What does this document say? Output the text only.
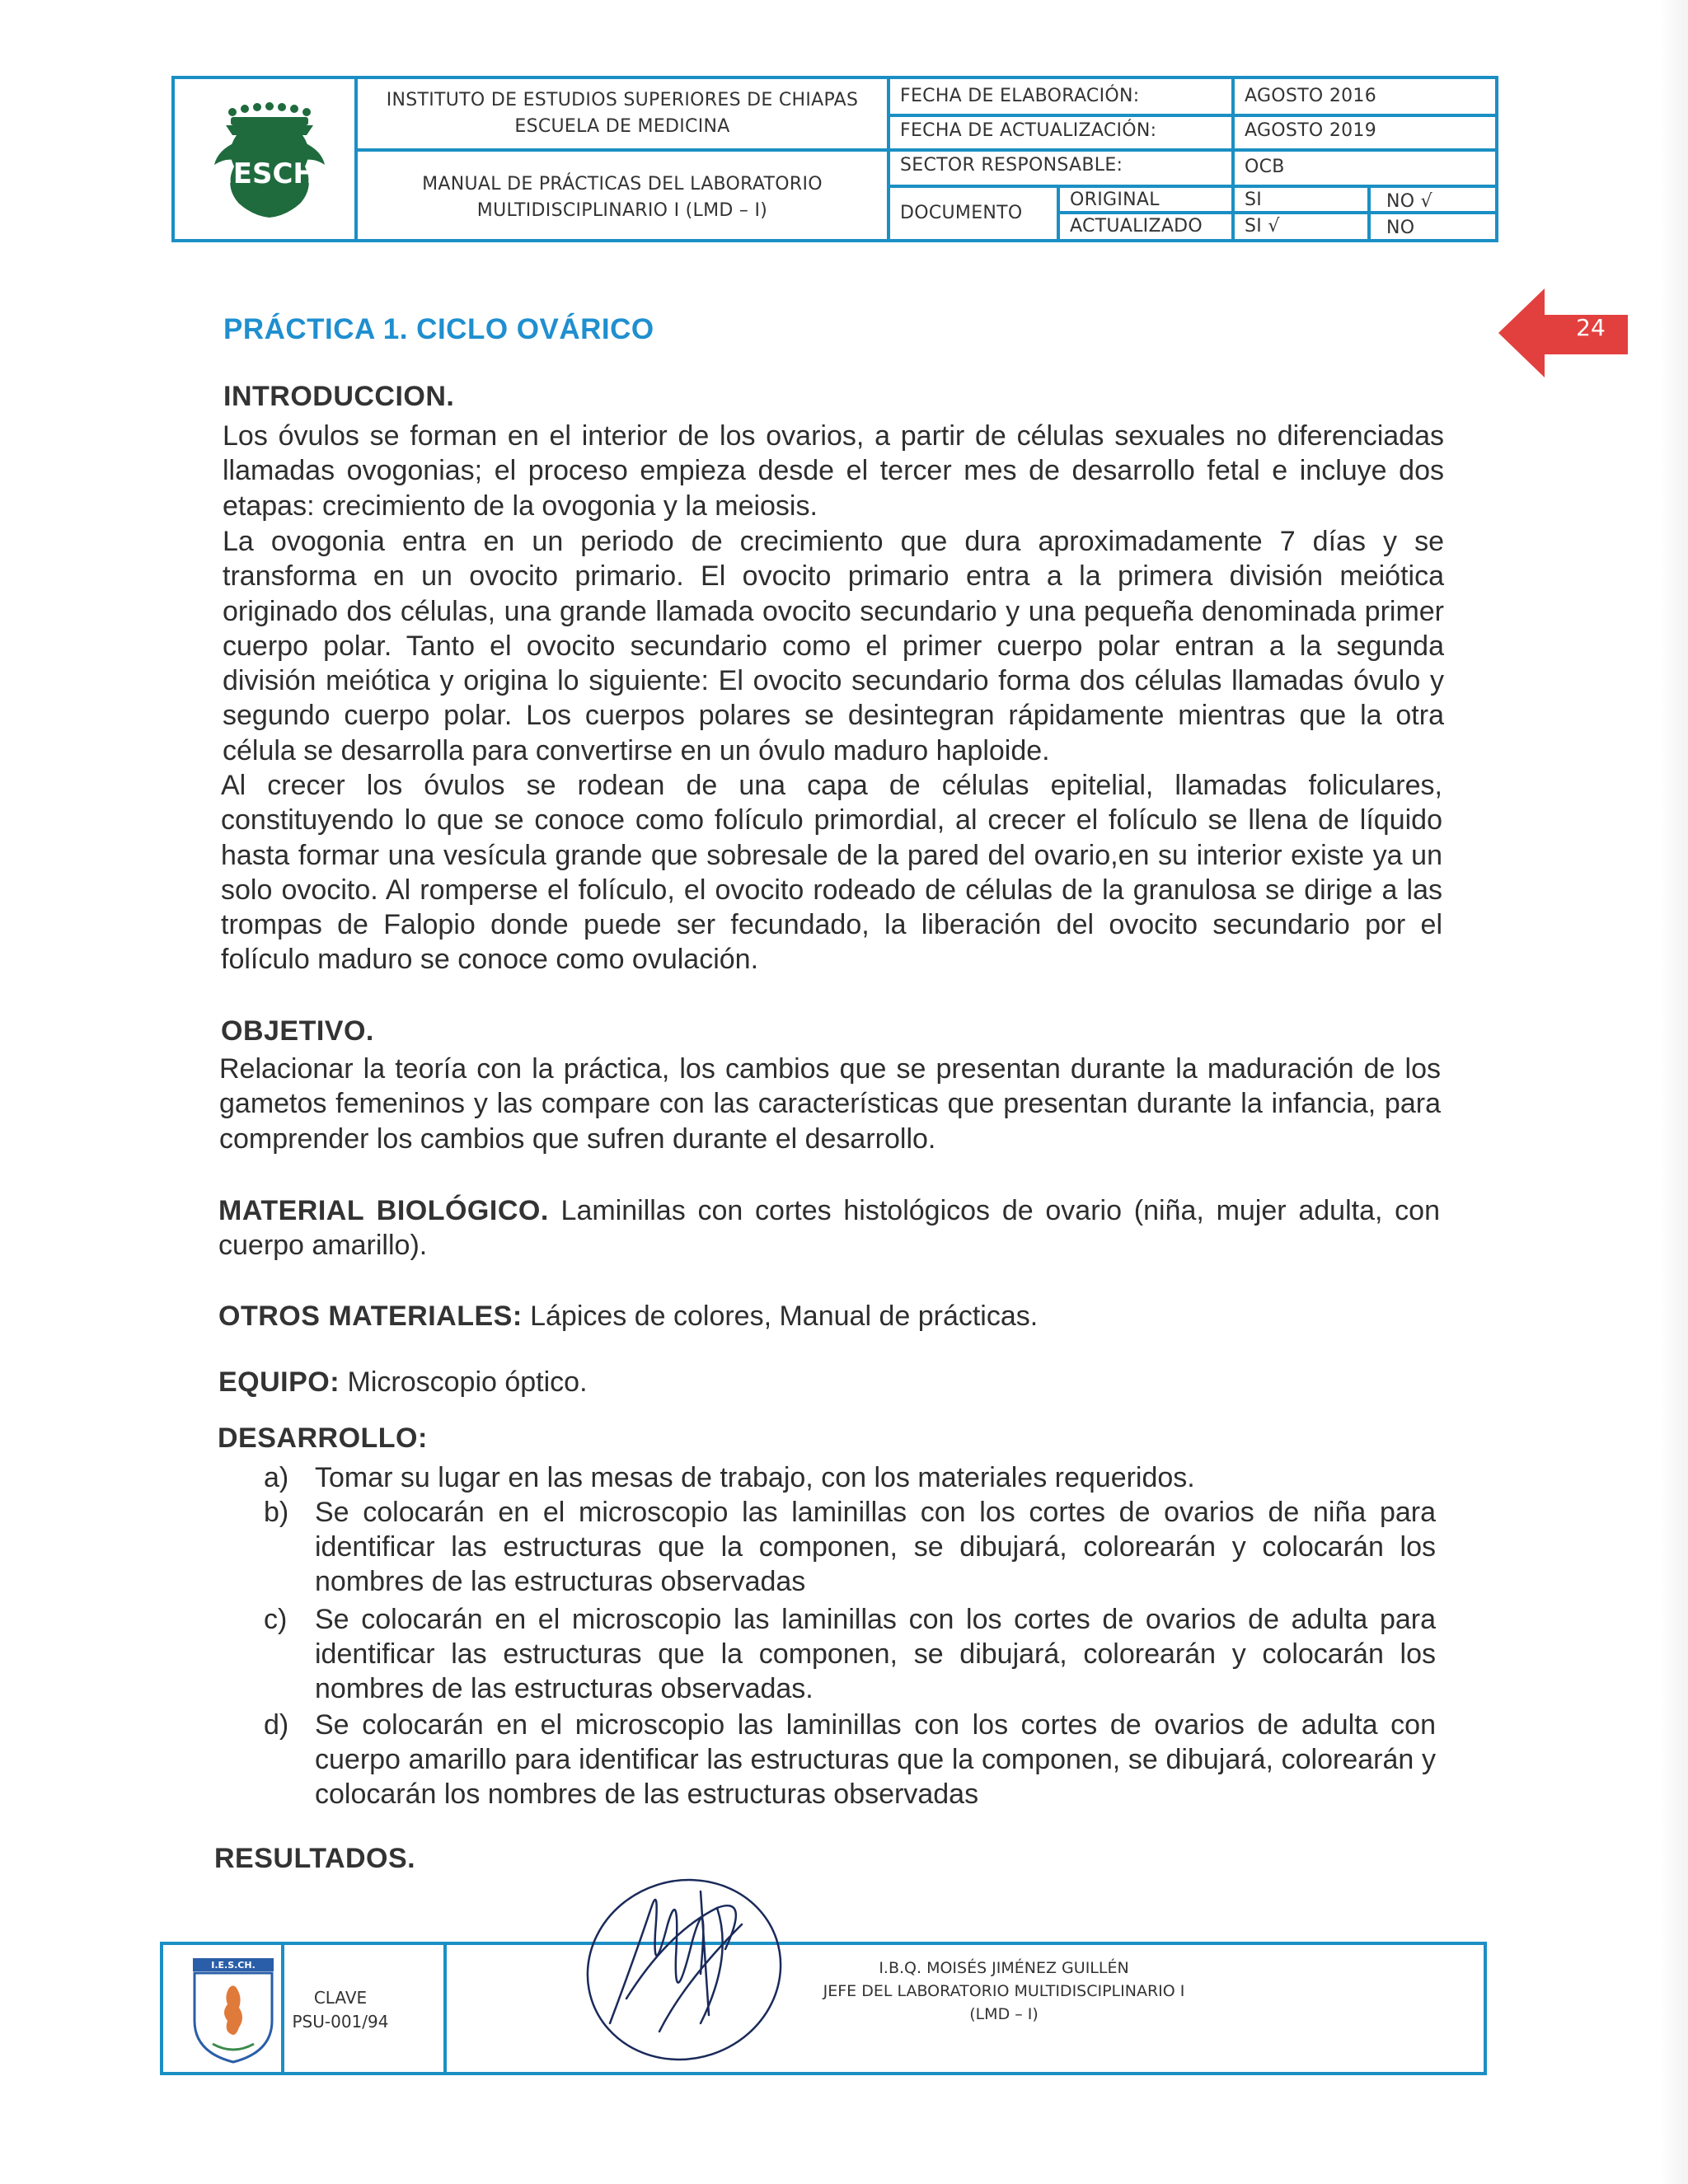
IESCH
INSTITUTO DE ESTUDIOS SUPERIORES DE CHIAPAS
ESCUELA DE MEDICINA
MANUAL DE PRÁCTICAS DEL LABORATORIO
MULTIDISCIPLINARIO I (LMD – I)
FECHA DE ELABORACIÓN:	AGOSTO 2016
FECHA DE ACTUALIZACIÓN:	AGOSTO 2019
SECTOR RESPONSABLE:	OCB
DOCUMENTO
ORIGINAL	SI	NO √
ACTUALIZADO SI √	NO
24
PRÁCTICA 1. CICLO OVÁRICO
INTRODUCCION.
Los óvulos se forman en el interior de los ovarios, a partir de células sexuales no diferenciadas llamadas ovogonias; el proceso empieza desde el tercer mes de desarrollo fetal e incluye dos etapas: crecimiento de la ovogonia y la meiosis.
La ovogonia entra en un periodo de crecimiento que dura aproximadamente 7 días y se transforma en un ovocito primario. El ovocito primario entra a la primera división meiótica originado dos células, una grande llamada ovocito secundario y una pequeña denominada primer cuerpo polar. Tanto el ovocito secundario como el primer cuerpo polar entran a la segunda división meiótica y origina lo siguiente: El ovocito secundario forma dos células llamadas óvulo y segundo cuerpo polar. Los cuerpos polares se desintegran rápidamente mientras que la otra célula se desarrolla para convertirse en un óvulo maduro haploide.
Al crecer los óvulos se rodean de una capa de células epitelial, llamadas foliculares, constituyendo lo que se conoce como folículo primordial, al crecer el folículo se llena de líquido hasta formar una vesícula grande que sobresale de la pared del ovario,en su interior existe ya un solo ovocito. Al romperse el folículo, el ovocito rodeado de células de la granulosa se dirige a las trompas de Falopio donde puede ser fecundado, la liberación del ovocito secundario por el folículo maduro se conoce como ovulación.
OBJETIVO.
Relacionar la teoría con la práctica, los cambios que se presentan durante la maduración de los gametos femeninos y las compare con las características que presentan durante la infancia, para comprender los cambios que sufren durante el desarrollo.
MATERIAL BIOLÓGICO. Laminillas con cortes histológicos de ovario (niña, mujer adulta, con cuerpo amarillo).
OTROS MATERIALES: Lápices de colores, Manual de prácticas.
EQUIPO: Microscopio óptico.
DESARROLLO:
a) Tomar su lugar en las mesas de trabajo, con los materiales requeridos.
b) Se colocarán en el microscopio las laminillas con los cortes de ovarios de niña para identificar las estructuras que la componen, se dibujará, colorearán y colocarán los nombres de las estructuras observadas
c) Se colocarán en el microscopio las laminillas con los cortes de ovarios de adulta para identificar las estructuras que la componen, se dibujará, colorearán y colocarán los nombres de las estructuras observadas.
d) Se colocarán en el microscopio las laminillas con los cortes de ovarios de adulta con cuerpo amarillo para identificar las estructuras que la componen, se dibujará, colorearán y colocarán los nombres de las estructuras observadas
RESULTADOS.
I.E.S.CH.
CLAVE
PSU-001/94
I.B.Q. MOISÉS JIMÉNEZ GUILLÉN
JEFE DEL LABORATORIO MULTIDISCIPLINARIO I
(LMD – I)
